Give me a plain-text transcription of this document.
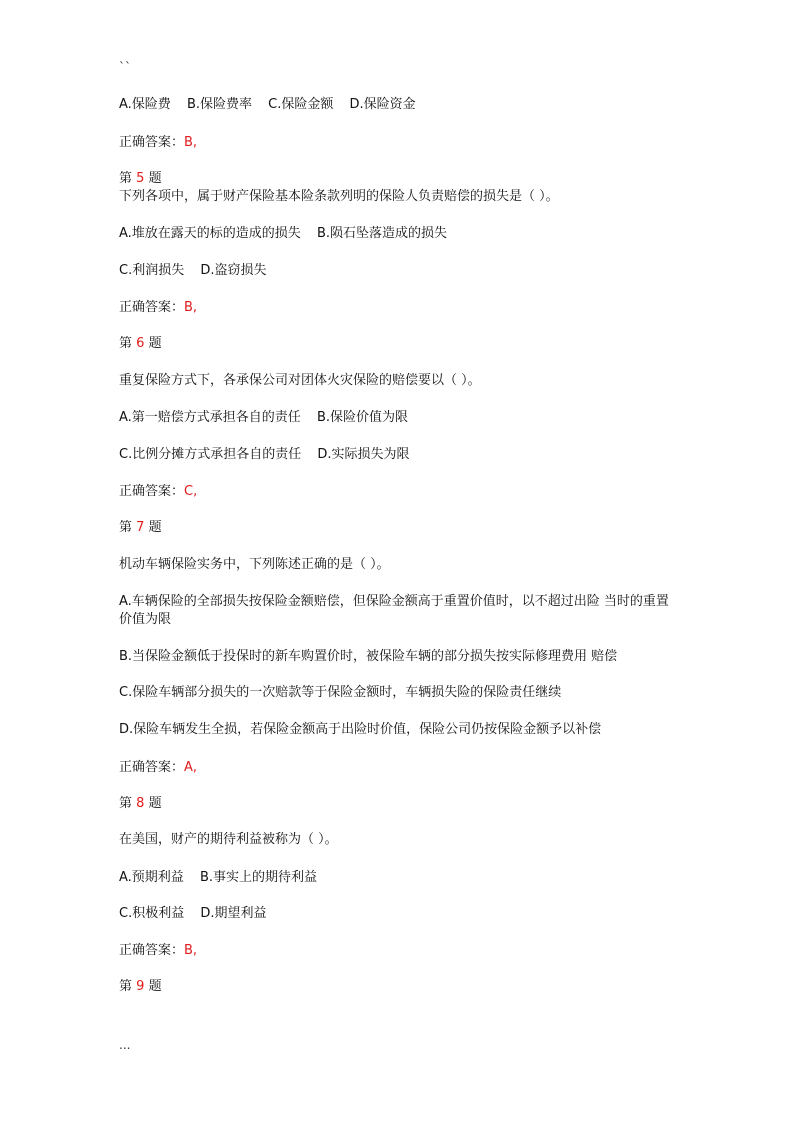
``
A.保险费 B.保险费率 C.保险金额 D.保险资金
正确答案：B,
第 5 题
下列各项中，属于财产保险基本险条款列明的保险人负责赔偿的损失是（ ）。
A.堆放在露天的标的造成的损失 B.陨石坠落造成的损失
C.利润损失 D.盗窃损失
正确答案：B,
第 6 题
重复保险方式下，各承保公司对团体火灾保险的赔偿要以（ ）。
A.第一赔偿方式承担各自的责任 B.保险价值为限
C.比例分摊方式承担各自的责任 D.实际损失为限
正确答案：C,
第 7 题
机动车辆保险实务中，下列陈述正确的是（ ）。
A.车辆保险的全部损失按保险金额赔偿，但保险金额高于重置价值时，以不超过出险 当时的重置价值为限
B.当保险金额低于投保时的新车购置价时，被保险车辆的部分损失按实际修理费用 赔偿
C.保险车辆部分损失的一次赔款等于保险金额时，车辆损失险的保险责任继续
D.保险车辆发生全损，若保险金额高于出险时价值，保险公司仍按保险金额予以补偿
正确答案：A,
第 8 题
在美国，财产的期待利益被称为（ ）。
A.预期利益 B.事实上的期待利益
C.积极利益 D.期望利益
正确答案：B,
第 9 题
...
